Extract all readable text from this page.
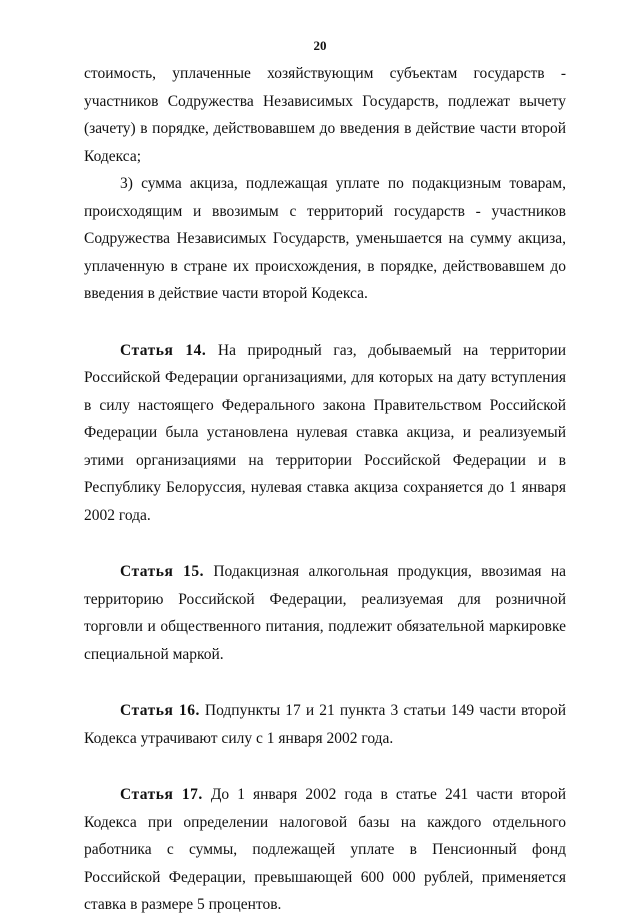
20

стоимость, уплаченные хозяйствующим субъектам государств - участников Содружества Независимых Государств, подлежат вычету (зачету) в порядке, действовавшем до введения в действие части второй Кодекса;

3) сумма акциза, подлежащая уплате по подакцизным товарам, происходящим и ввозимым с территорий государств - участников Содружества Независимых Государств, уменьшается на сумму акциза, уплаченную в стране их происхождения, в порядке, действовавшем до введения в действие части второй Кодекса.

Статья 14. На природный газ, добываемый на территории Российской Федерации организациями, для которых на дату вступления в силу настоящего Федерального закона Правительством Российской Федерации была установлена нулевая ставка акциза, и реализуемый этими организациями на территории Российской Федерации и в Республику Белоруссия, нулевая ставка акциза сохраняется до 1 января 2002 года.

Статья 15. Подакцизная алкогольная продукция, ввозимая на территорию Российской Федерации, реализуемая для розничной торговли и общественного питания, подлежит обязательной маркировке специальной маркой.

Статья 16. Подпункты 17 и 21 пункта 3 статьи 149 части второй Кодекса утрачивают силу с 1 января 2002 года.

Статья 17. До 1 января 2002 года в статье 241 части второй Кодекса при определении налоговой базы на каждого отдельного работника с суммы, подлежащей уплате в Пенсионный фонд Российской Федерации, превышающей 600 000 рублей, применяется ставка в размере 5 процентов.
